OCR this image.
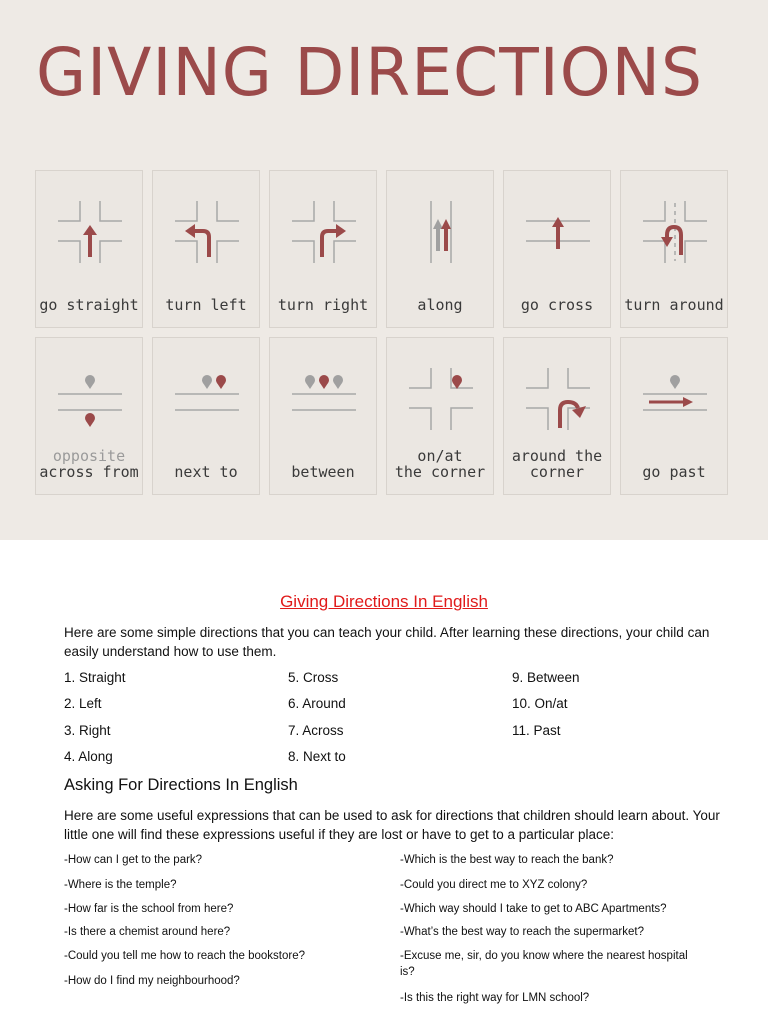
GIVING DIRECTIONS
go straight	turn left	turn right	along	go cross	turn around
opposite
across from	next to	between
on/at
the corner
around the
corner	go past
Giving Directions In English
Here are some simple directions that you can teach your child. After learning these directions, your child can easily understand how to use them.
1. Straight
2. Left
3. Right
4. Along
5. Cross
6. Around
7. Across
8. Next to
9. Between
10. On/at
11. Past
Asking For Directions In English
Here are some useful expressions that can be used to ask for directions that children should learn about. Your little one will find these expressions useful if they are lost or have to get to a particular place:
-How can I get to the park?
-Where is the temple?
-How far is the school from here?
-Is there a chemist around here?
-Could you tell me how to reach the bookstore?
-How do I find my neighbourhood?
-Which is the best way to reach the bank?
-Could you direct me to XYZ colony?
-Which way should I take to get to ABC Apartments?
-What’s the best way to reach the supermarket?
-Excuse me, sir, do you know where the nearest hospital is?
-Is this the right way for LMN school?
